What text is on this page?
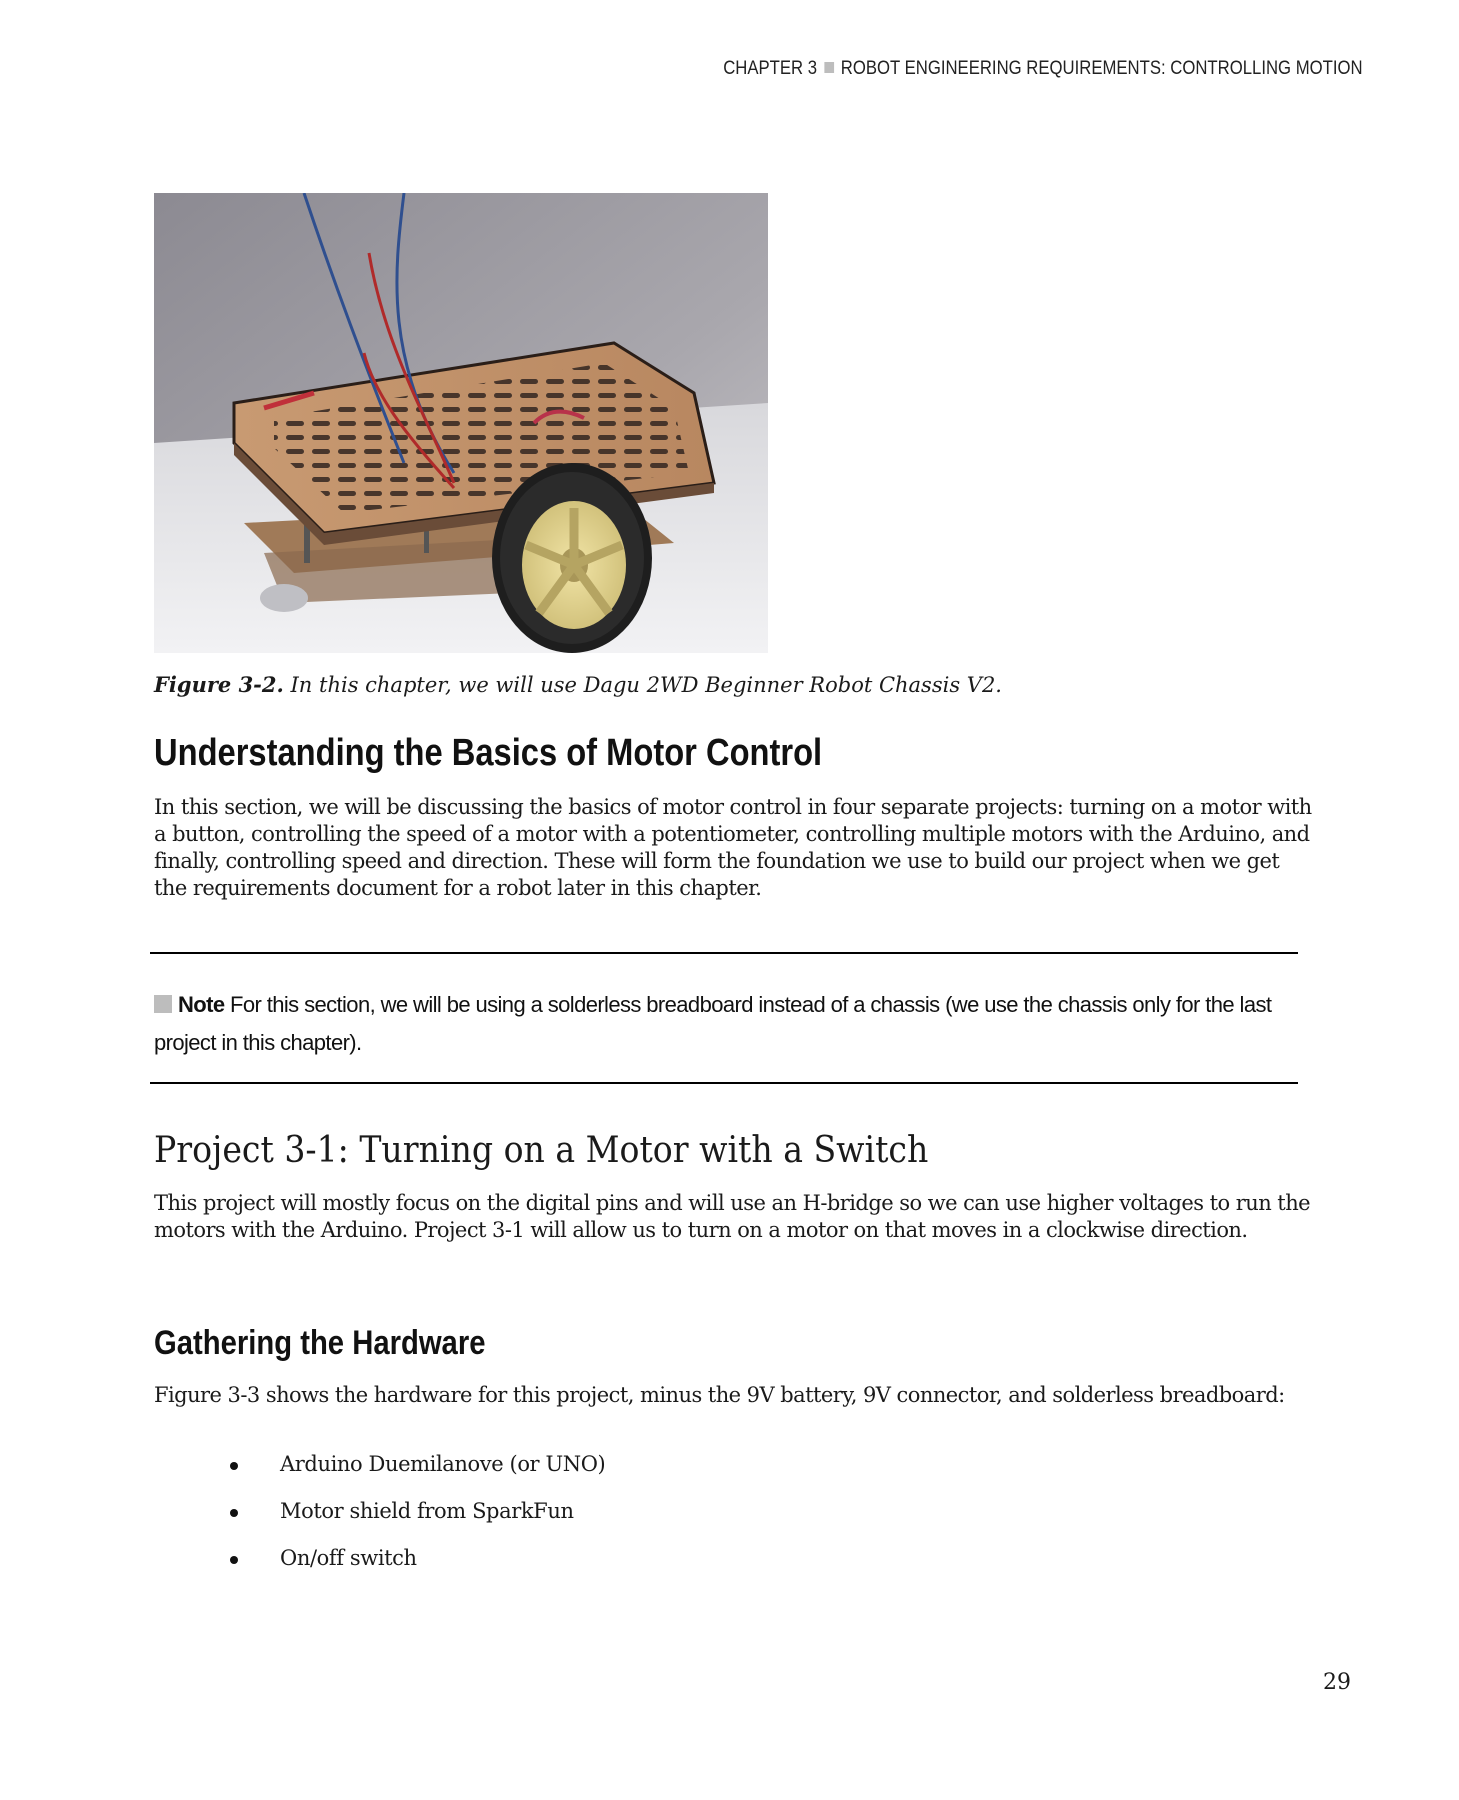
CHAPTER 3 ROBOT ENGINEERING REQUIREMENTS: CONTROLLING MOTION
Figure 3-2. In this chapter, we will use Dagu 2WD Beginner Robot Chassis V2.
Understanding the Basics of Motor Control
In this section, we will be discussing the basics of motor control in four separate projects: turning on a motor with a button, controlling the speed of a motor with a potentiometer, controlling multiple motors with the Arduino, and finally, controlling speed and direction. These will form the foundation we use to build our project when we get the requirements document for a robot later in this chapter.
Note For this section, we will be using a solderless breadboard instead of a chassis (we use the chassis only for the last project in this chapter).
Project 3-1: Turning on a Motor with a Switch
This project will mostly focus on the digital pins and will use an H-bridge so we can use higher voltages to run the motors with the Arduino. Project 3-1 will allow us to turn on a motor on that moves in a clockwise direction.
Gathering the Hardware
Figure 3-3 shows the hardware for this project, minus the 9V battery, 9V connector, and solderless breadboard:
Arduino Duemilanove (or UNO)
Motor shield from SparkFun
On/off switch
29
